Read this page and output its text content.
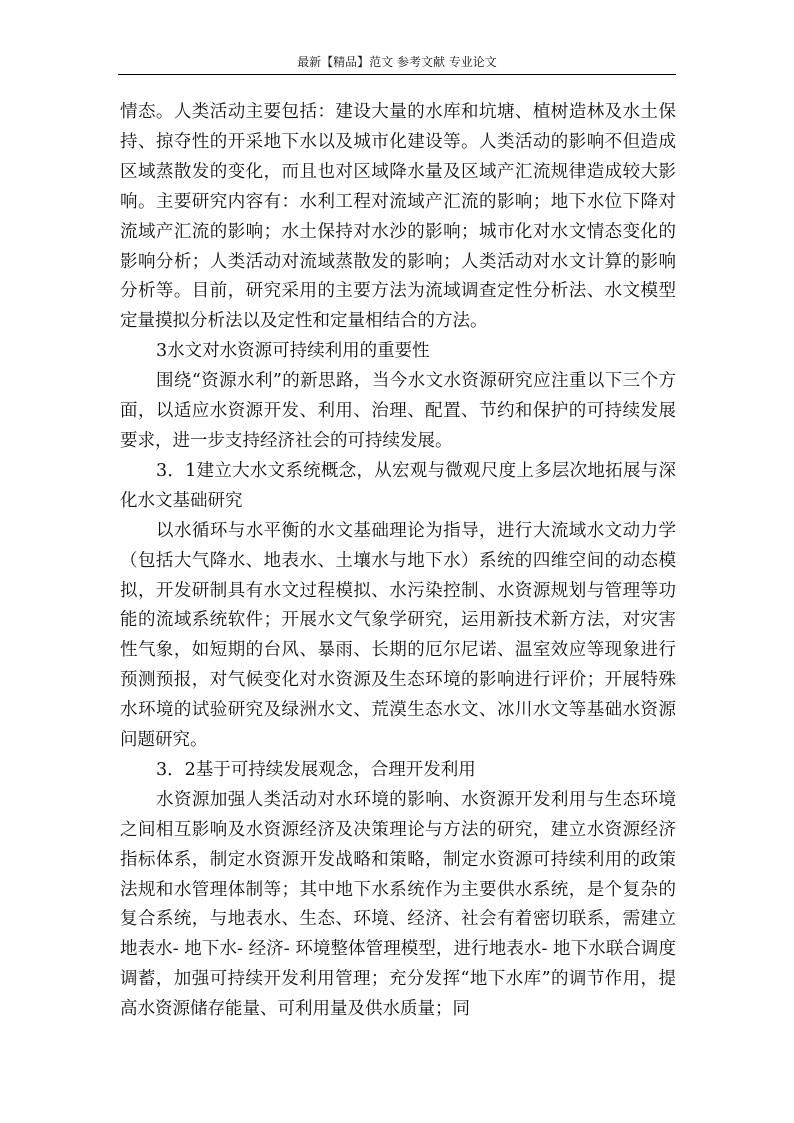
最新【精品】范文 参考文献 专业论文

情态。人类活动主要包括：建设大量的水库和坑塘、植树造林及水土保持、掠夺性的开采地下水以及城市化建设等。人类活动的影响不但造成区域蒸散发的变化，而且也对区域降水量及区域产汇流规律造成较大影响。主要研究内容有：水利工程对流域产汇流的影响；地下水位下降对流域产汇流的影响；水土保持对水沙的影响；城市化对水文情态变化的影响分析；人类活动对流域蒸散发的影响；人类活动对水文计算的影响分析等。目前，研究采用的主要方法为流域调查定性分析法、水文模型定量摸拟分析法以及定性和定量相结合的方法。

3水文对水资源可持续利用的重要性

围绕“资源水利”的新思路，当今水文水资源研究应注重以下三个方面，以适应水资源开发、利用、治理、配置、节约和保护的可持续发展要求，进一步支持经济社会的可持续发展。

3．1建立大水文系统概念，从宏观与微观尺度上多层次地拓展与深化水文基础研究

以水循环与水平衡的水文基础理论为指导，进行大流域水文动力学（包括大气降水、地表水、土壤水与地下水）系统的四维空间的动态模拟，开发研制具有水文过程模拟、水污染控制、水资源规划与管理等功能的流域系统软件；开展水文气象学研究，运用新技术新方法，对灾害性气象，如短期的台风、暴雨、长期的厄尔尼诺、温室效应等现象进行预测预报，对气候变化对水资源及生态环境的影响进行评价；开展特殊水环境的试验研究及绿洲水文、荒漠生态水文、冰川水文等基础水资源问题研究。

3．2基于可持续发展观念，合理开发利用

水资源加强人类活动对水环境的影响、水资源开发利用与生态环境之间相互影响及水资源经济及决策理论与方法的研究，建立水资源经济指标体系，制定水资源开发战略和策略，制定水资源可持续利用的政策法规和水管理体制等；其中地下水系统作为主要供水系统，是个复杂的复合系统，与地表水、生态、环境、经济、社会有着密切联系，需建立地表水- 地下水- 经济- 环境整体管理模型，进行地表水- 地下水联合调度调蓄，加强可持续开发利用管理；充分发挥“地下水库”的调节作用，提高水资源储存能量、可利用量及供水质量；同
